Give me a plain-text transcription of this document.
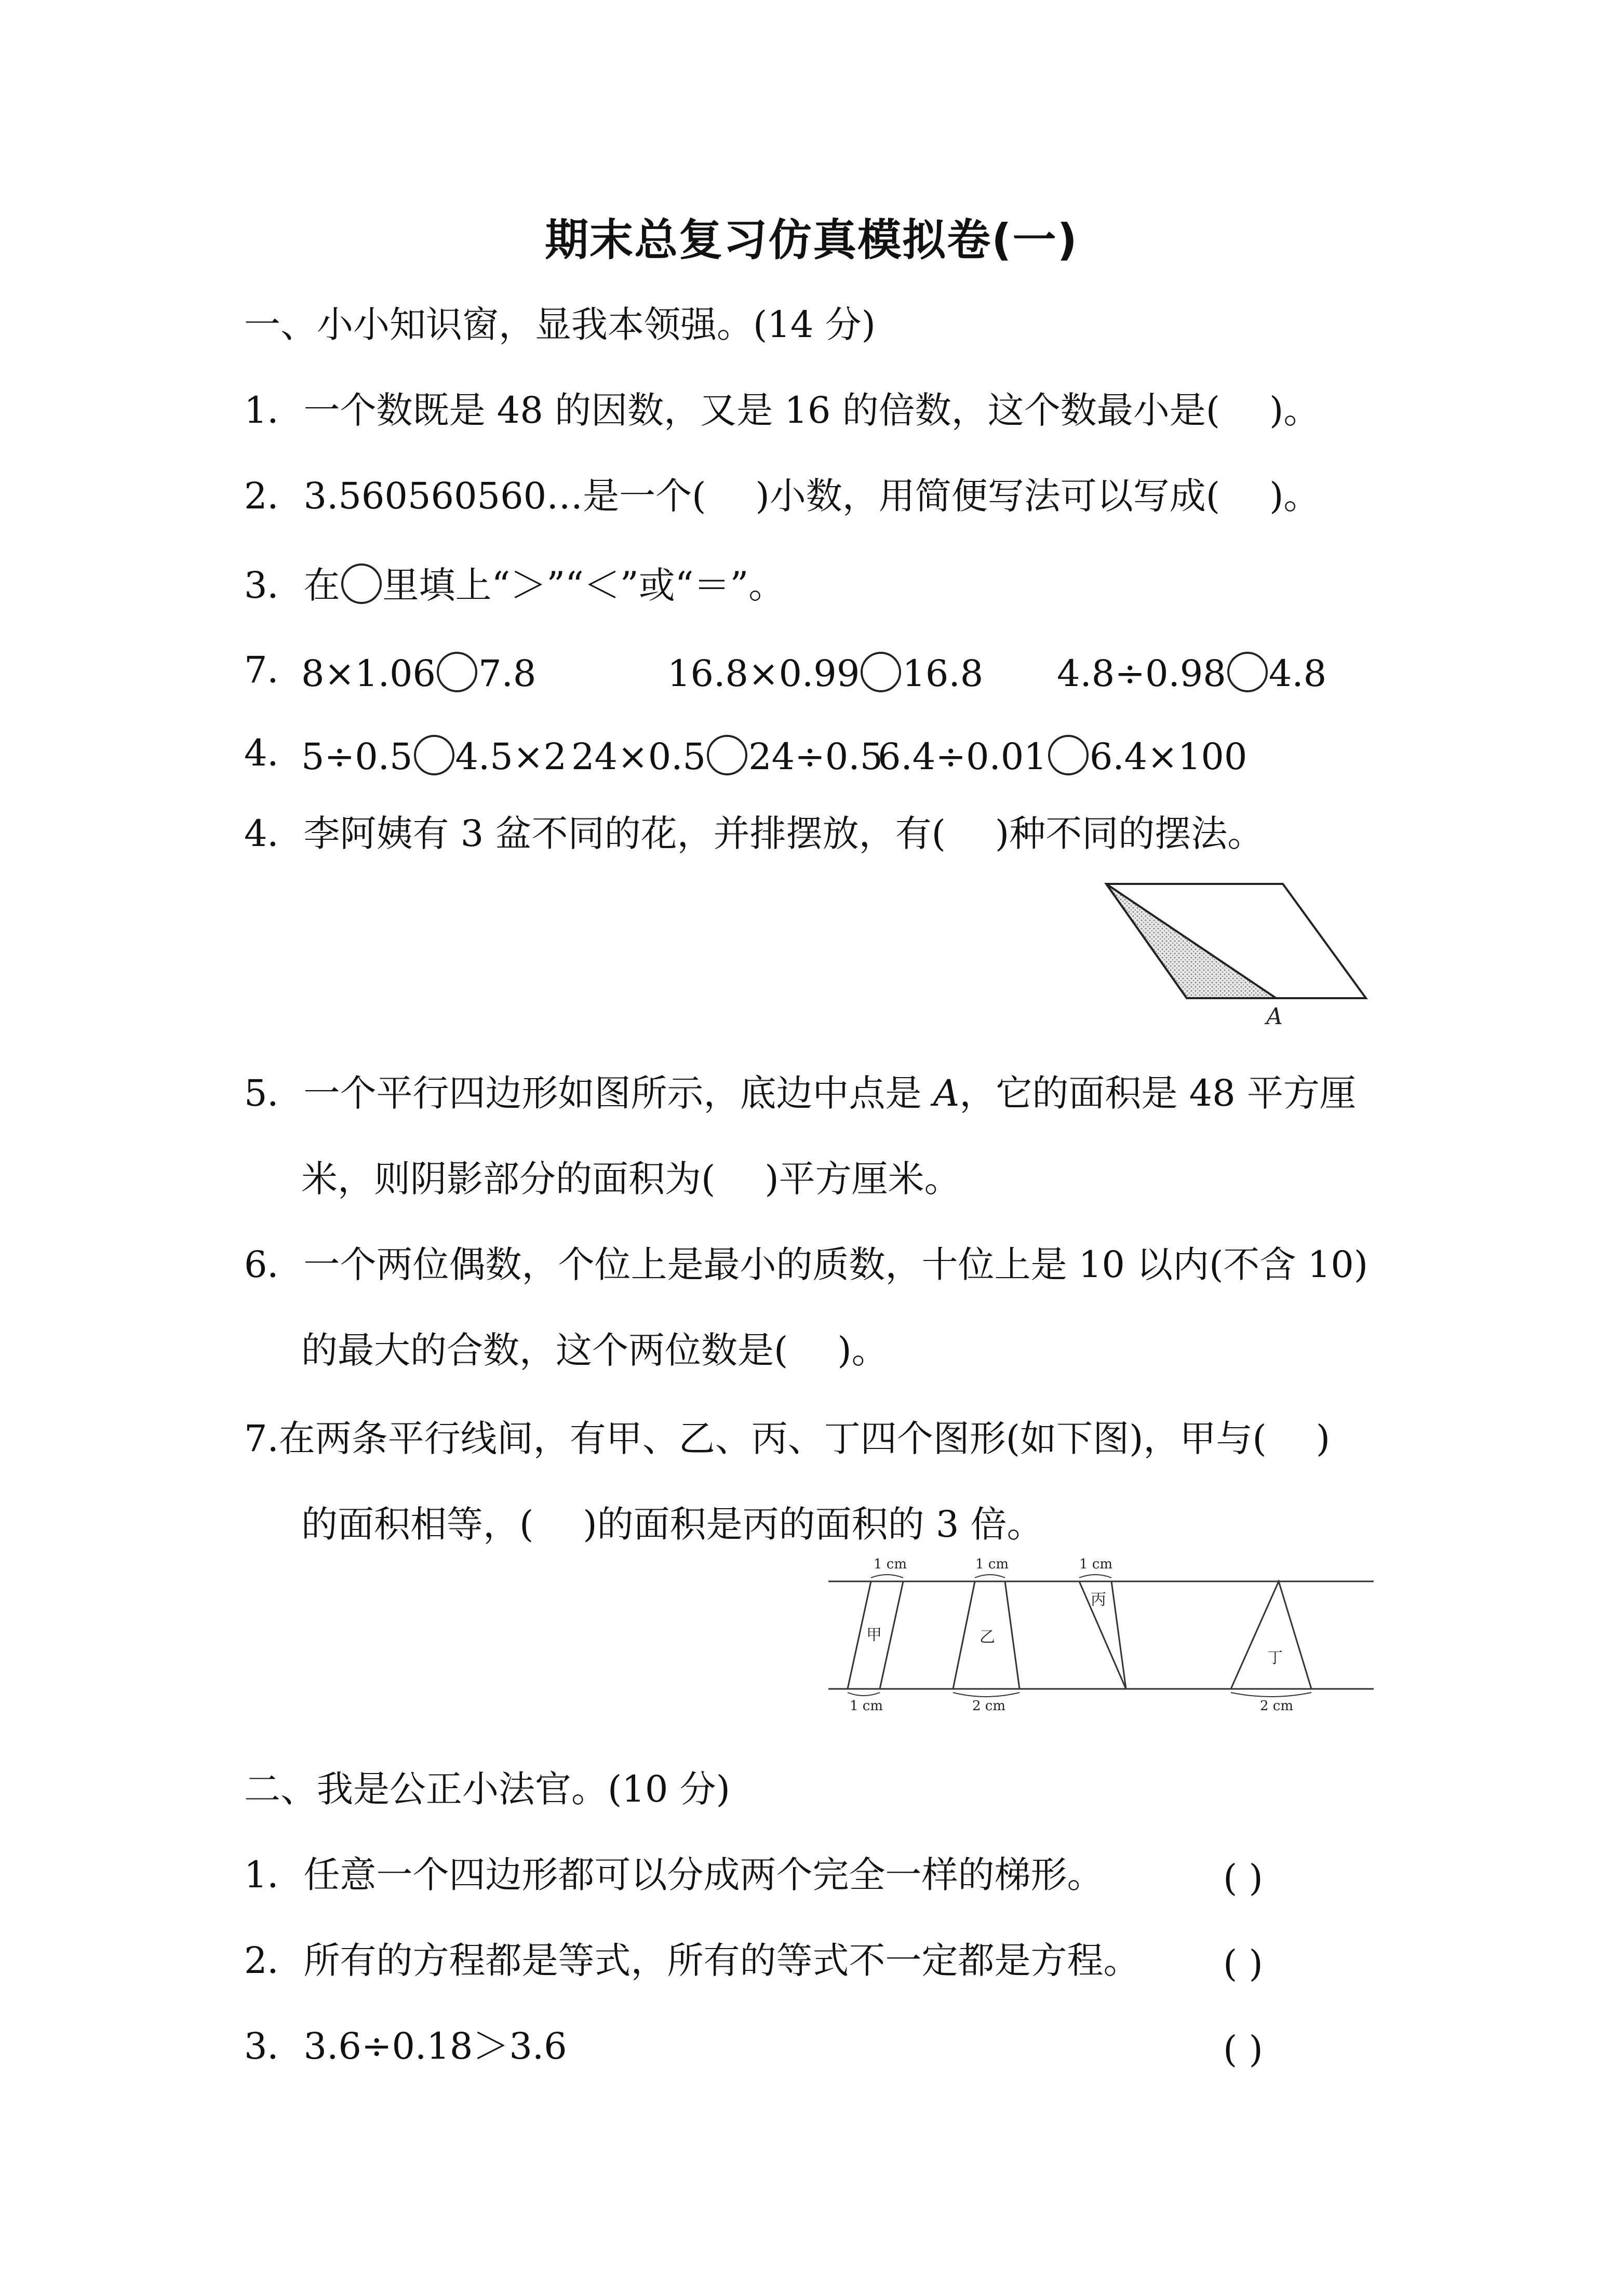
期末总复习仿真模拟卷(一)
一、小小知识窗，显我本领强。(14 分)
1．一个数既是 48 的因数，又是 16 的倍数，这个数最小是( )。
2．3.560560560…是一个( )小数，用简便写法可以写成( )。
3．在 里填上“＞”“＜”或“＝”。
7．
8×1.06 7.8	16.8×0.99 16.8 4.8÷0.98 4.8
4．
5÷0.5 4.5×2 24×0.5 24÷0.5
6.4÷0.01 6.4×100
4．李阿姨有 3 盆不同的花，并排摆放，有( )种不同的摆法。
A
5．一个平行四边形如图所示，底边中点是 A，它的面积是 48 平方厘
米，则阴影部分的面积为( )平方厘米。
6．一个两位偶数，个位上是最小的质数，十位上是 10 以内(不含 10)
的最大的合数，这个两位数是( )。
7.在两条平行线间，有甲、乙、丙、丁四个图形(如下图)，甲与( )
的面积相等，( )的面积是丙的面积的 3 倍。
1 cm
1 cm
甲
1 cm
2 cm
乙
1 cm
丙
2 cm
丁
二、我是公正小法官。(10 分)
1．任意一个四边形都可以分成两个完全一样的梯形。	( )
2．所有的方程都是等式，所有的等式不一定都是方程。 ( )
3．3.6÷0.18＞3.6	( )
